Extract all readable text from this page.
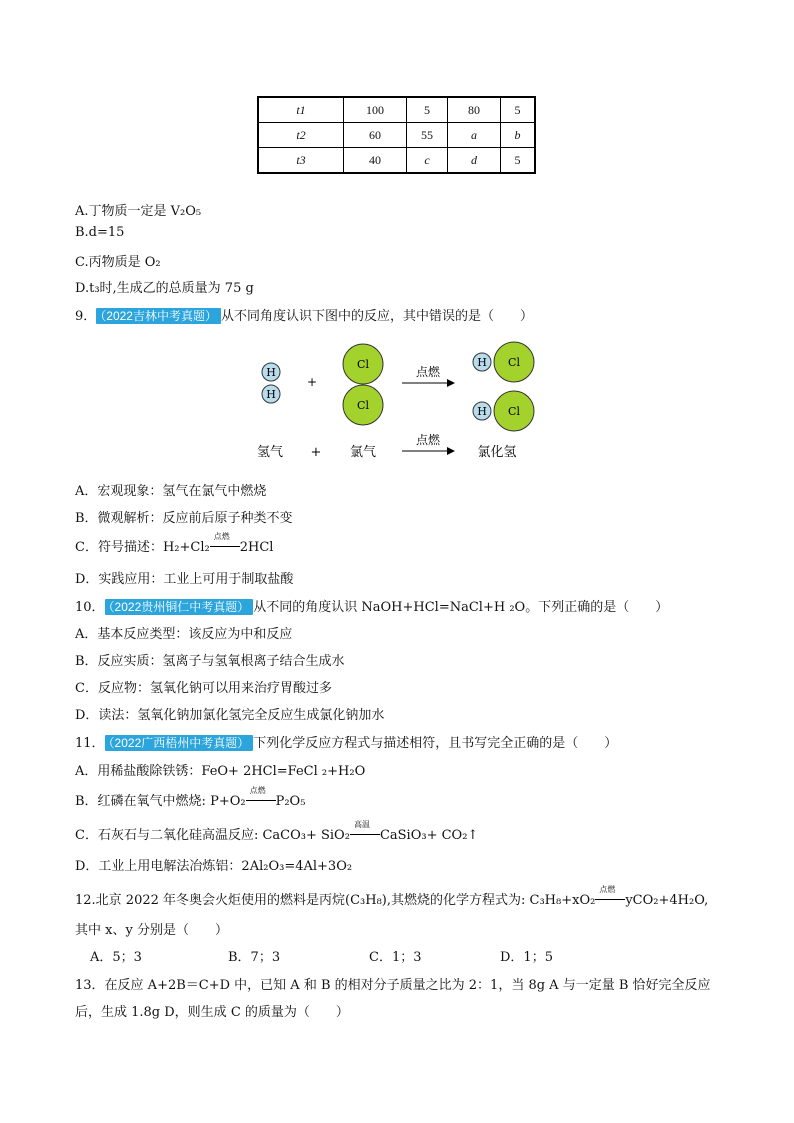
t1	100	5	80	5
t2	60	55	a	b
t3	40	c	d	5
A.丁物质一定是 V₂O₅
B.d=15
C.丙物质是 O₂
D.t₃时,生成乙的总质量为 75 g
9． （2022吉林中考真题） 从不同角度认识下图中的反应，其中错误的是（　　）
H
H
+
Cl
Cl
点燃
H Cl
H Cl
氢气 + 氯气
点燃
氯化氢
A．宏观现象：氢气在氯气中燃烧
B．微观解析：反应前后原子种类不变
C．符号描述：H₂+Cl₂
点燃
2HCl
D．实践应用：工业上可用于制取盐酸
10． （2022贵州铜仁中考真题） 从不同的角度认识 NaOH+HCl=NaCl+H ₂O。下列正确的是（　　）
A．基本反应类型：该反应为中和反应
B．反应实质：氢离子与氢氧根离子结合生成水
C．反应物：氢氧化钠可以用来治疗胃酸过多
D．读法：氢氧化钠加氯化氢完全反应生成氯化钠加水
11． （2022广西梧州中考真题） 下列化学反应方程式与描述相符，且书写完全正确的是（　　）
A．用稀盐酸除铁锈：FeO+ 2HCl=FeCl ₂+H₂O
B．红磷在氧气中燃烧: P+O₂
点燃
P₂O₅
C．石灰石与二氧化硅高温反应: CaCO₃+ SiO₂
高温
CaSiO₃+ CO₂↑
D．工业上用电解法冶炼铝：2Al₂O₃=4Al+3O₂
12.北京 2022 年冬奥会火炬使用的燃料是丙烷(C₃H₈),其燃烧的化学方程式为: C₃H₈+xO₂
点燃
yCO₂+4H₂O,
其中 x、y 分别是（　　）
A．5；3	B．7；3	C．1；3	D．1；5
13．在反应 A+2B＝C+D 中，已知 A 和 B 的相对分子质量之比为 2：1，当 8g A 与一定量 B 恰好完全反应
后，生成 1.8g D，则生成 C 的质量为（　　）
